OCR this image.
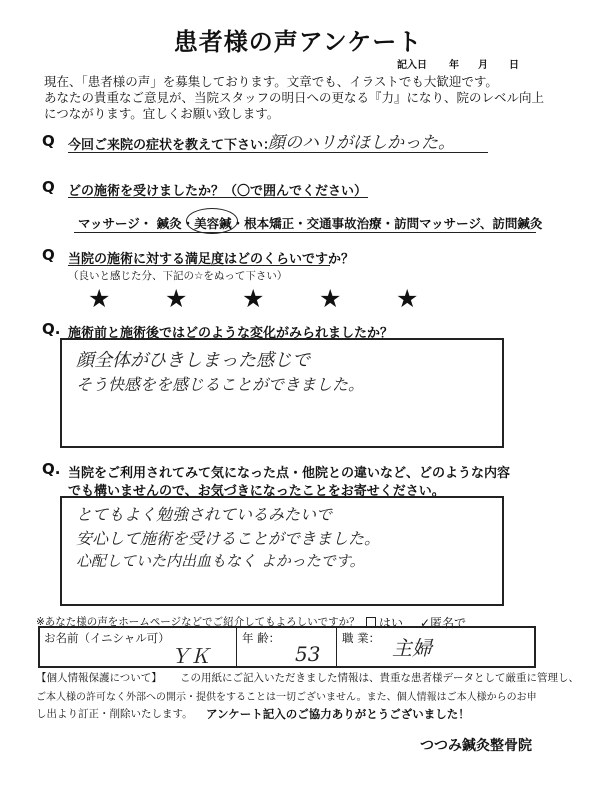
患者様の声アンケート
記入日 年 月 日
現在、「患者様の声」を募集しております。文章でも、イラストでも大歓迎です。
あなたの貴重なご意見が、当院スタッフの明日への更なる『力』になり、院のレベル向上
につながります。宜しくお願い致します。
Q 今回ご来院の症状を教えて下さい：
顔のハリがほしかった。
Q どの施術を受けましたか？（〇で囲んでください）
マッサージ・ 鍼灸・美容鍼・根本矯正・交通事故治療・訪問マッサージ、訪問鍼灸
Q 当院の施術に対する満足度はどのくらいですか？
（良いと感じた分、下記の☆をぬって下さい）
★ ★ ★ ★ ★
Q. 施術前と施術後ではどのような変化がみられましたか？
顔全体がひきしまった感じで
そう快感をを感じることができました。
Q. 当院をご利用されてみて気になった点・他院との違いなど、どのような内容
でも構いませんので、お気づきになったことをお寄せください。
とてもよく勉強されているみたいで
安心して施術を受けることができました。
心配していた内出血もなく よかったです。
※あなた様の声をホームページなどでご紹介してもよろしいですか？	はい ✓匿名で
お名前（イニシャル可）
ＹＫ
年 齢：
53
職 業： 主婦
【個人情報保護について】 この用紙にご記入いただきました情報は、貴重な患者様データとして厳重に管理し、
ご本人様の許可なく外部への開示・提供をすることは一切ございません。また、個人情報はご本人様からのお申
し出より訂正・削除いたします。 アンケート記入のご協力ありがとうございました！
つつみ鍼灸整骨院
